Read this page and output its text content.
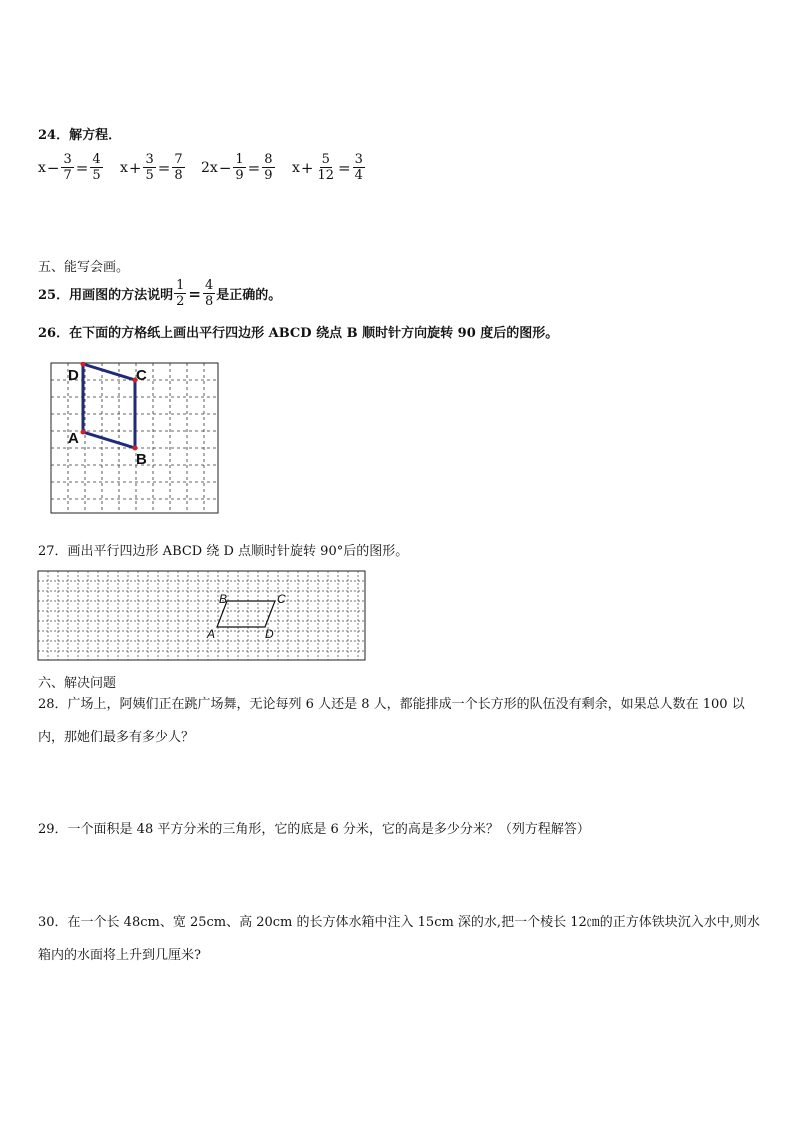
24．解方程．
$x - \frac{3}{7} = \frac{4}{5}$ $x + \frac{3}{5} = \frac{7}{8} 2x - \frac{1}{9} = \frac{8}{9}$ $x + \frac{5}{12} = \frac{3}{4}$
五、能写会画。
25．用画图的方法说明 $\frac{1}{2} = \frac{4}{8}$ 是正确的。
26．在下面的方格纸上画出平行四边形 ABCD 绕点 B 顺时针方向旋转 90 度后的图形。
D	C
A
B
27．画出平行四边形 ABCD 绕 D 点顺时针旋转 90°后的图形。
B	C
A	D
六、解决问题
28．广场上，阿姨们正在跳广场舞，无论每列 6 人还是 8 人，都能排成一个长方形的队伍没有剩余，如果总人数在 100 以内，那她们最多有多少人？
29．一个面积是 48 平方分米的三角形，它的底是 6 分米，它的高是多少分米？（列方程解答）
30．在一个长 48cm、宽 25cm、高 20cm 的长方体水箱中注入 15cm 深的水,把一个棱长 12㎝的正方体铁块沉入水中,则水箱内的水面将上升到几厘米?
